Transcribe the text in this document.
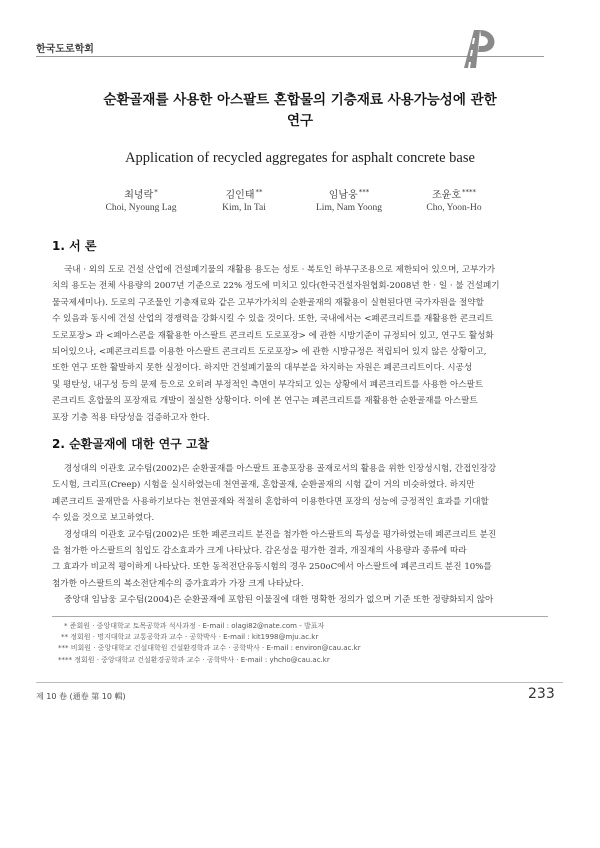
한국도로학회
순환골재를 사용한 아스팔트 혼합물의 기층재료 사용가능성에 관한
연구
Application of recycled aggregates for asphalt concrete base
최녕락*
Choi, Nyoung Lag
김인태**
Kim, In Tai
임남웅***
Lim, Nam Yoong
조윤호****
Cho, Yoon-Ho
1. 서 론
국내 · 외의 도로 건설 산업에 건설폐기물의 재활용 용도는 성토 · 복토인 하부구조용으로 제한되어 있으며, 고부가가
치의 용도는 전체 사용량의 2007년 기준으로 22% 정도에 미치고 있다(한국건설자원협회-2008년 한 · 일 · 불 건설폐기
물국제세미나). 도로의 구조물인 기층재료와 같은 고부가가치의 순환골재의 재활용이 실현된다면 국가자원을 절약할
수 있음과 동시에 건설 산업의 경쟁력을 강화시킬 수 있을 것이다. 또한, 국내에서는 <폐콘크리트를 재활용한 콘크리트
도로포장> 과 <폐아스콘을 재활용한 아스팔트 콘크리트 도로포장> 에 관한 시방기준이 규정되어 있고, 연구도 활성화
되어있으나, <폐콘크리트를 이용한 아스팔트 콘크리트 도로포장> 에 관한 시방규정은 적립되어 있지 않은 상황이고,
또한 연구 또한 활발하지 못한 실정이다. 하지만 건설폐기물의 대부분을 차지하는 자원은 폐콘크리트이다. 시공성
및 평탄성, 내구성 등의 문제 등으로 오히려 부정적인 측면이 부각되고 있는 상황에서 폐콘크리트를 사용한 아스팔트
콘크리트 혼합물의 포장재료 개발이 절실한 상황이다. 이에 본 연구는 폐콘크리트를 재활용한 순환골재를 아스팔트
포장 기층 적용 타당성을 검증하고자 한다.
2. 순환골재에 대한 연구 고찰
경성대의 이관호 교수팀(2002)은 순환골재를 아스팔트 표층포장용 골재로서의 활용을 위한 인장성시험, 간접인장강
도시험, 크리프(Creep) 시험을 실시하였는데 천연골재, 혼합골재, 순환골재의 시험 값이 거의 비슷하였다. 하지만
폐콘크리트 골재만을 사용하기보다는 천연골재와 적절히 혼합하여 이용한다면 포장의 성능에 긍정적인 효과를 기대할
수 있을 것으로 보고하였다.
경성대의 이관호 교수팀(2002)은 또한 폐콘크리트 분진을 첨가한 아스팔트의 특성을 평가하였는데 폐콘크리트 분진
을 첨가한 아스팔트의 침입도 감소효과가 크게 나타났다. 감온성을 평가한 결과, 개질재의 사용량과 종류에 따라
그 효과가 비교적 평이하게 나타났다. 또한 동적전단유동시험의 경우 250oC에서 아스팔트에 폐콘크리트 분진 10%를
첨가한 아스팔트의 복소전단계수의 증가효과가 가장 크게 나타났다.
중앙대 임남웅 교수팀(2004)은 순환골재에 포함된 이물질에 대한 명확한 정의가 없으며 기준 또한 정량화되지 않아
* 준회원 · 중앙대학교 토목공학과 석사과정 · E-mail : olagi82@nate.com - 발표자
** 정회원 · 명지대학교 교통공학과 교수 · 공학박사 · E-mail : kit1998@mju.ac.kr
*** 비회원 · 중앙대학교 건설대학원 건설환경학과 교수 · 공학박사 · E-mail : environ@cau.ac.kr
**** 정회원 · 중앙대학교 건설환경공학과 교수 · 공학박사 · E-mail : yhcho@cau.ac.kr
제 10 卷 (通卷 第 10 輯)	233
